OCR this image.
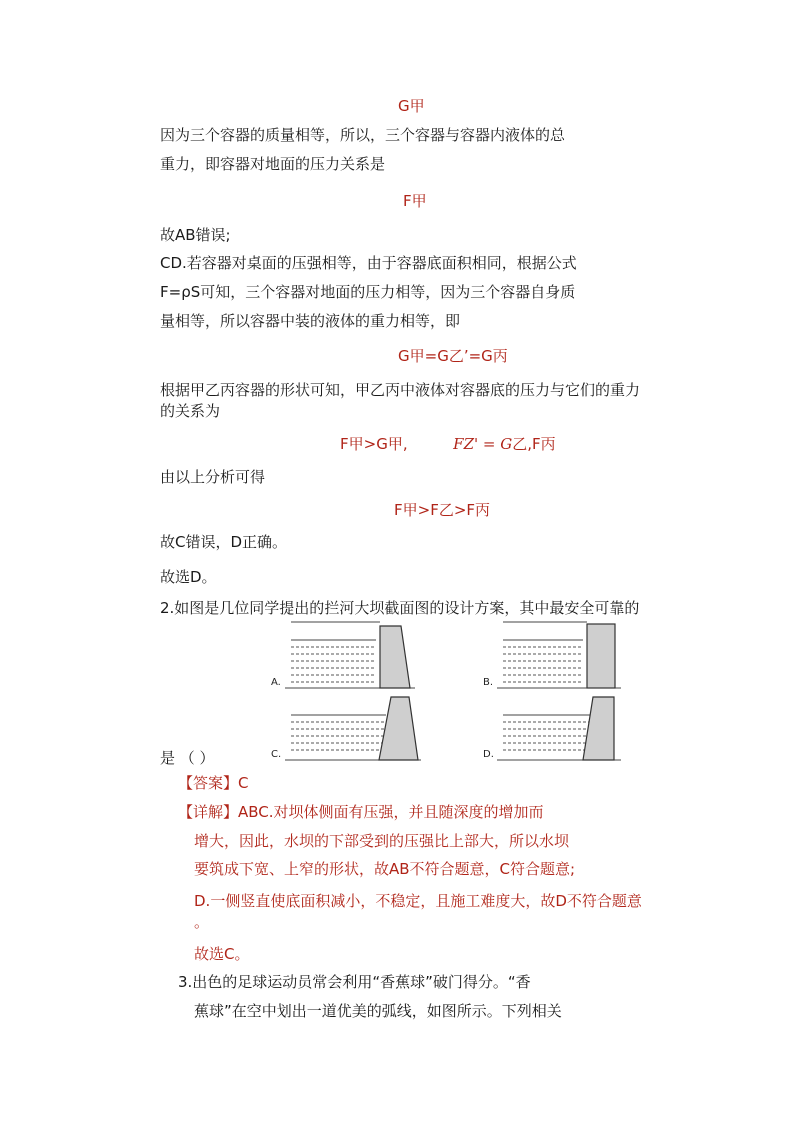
G甲
因为三个容器的质量相等，所以，三个容器与容器内液体的总
重力，即容器对地面的压力关系是
F甲
故AB错误;
CD.若容器对桌面的压强相等，由于容器底面积相同，根据公式
F=ρS可知，三个容器对地面的压力相等，因为三个容器自身质
量相等，所以容器中装的液体的重力相等，即
G甲=G乙’=G丙
根据甲乙丙容器的形状可知，甲乙丙中液体对容器底的压力与它们的重力
的关系为
F甲>G甲,	FZ' = G乙,F丙
由以上分析可得
F甲>F乙>F丙
故C错误，D正确。
故选D。
2.如图是几位同学提出的拦河大坝截面图的设计方案，其中最安全可靠的
A.	B.
C.	D.
是 （ ）
【答案】C
【详解】ABC.对坝体侧面有压强，并且随深度的增加而
增大，因此，水坝的下部受到的压强比上部大，所以水坝
要筑成下宽、上窄的形状，故AB不符合题意，C符合题意;
D.一侧竖直使底面积减小，不稳定，且施工难度大，故D不符合题意
。
故选C。
3.出色的足球运动员常会利用“香蕉球”破门得分。“香
蕉球”在空中划出一道优美的弧线，如图所示。下列相关
